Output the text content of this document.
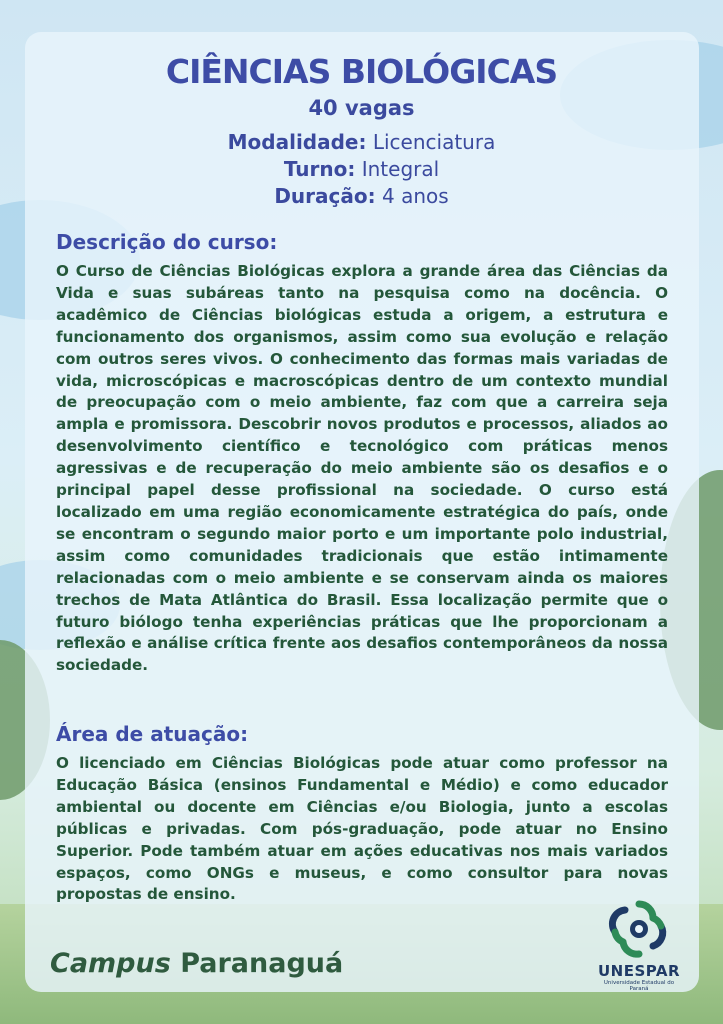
CIÊNCIAS BIOLÓGICAS
40 vagas
Modalidade: Licenciatura
Turno: Integral
Duração: 4 anos
Descrição do curso:

O Curso de Ciências Biológicas explora a grande área das Ciências da Vida e suas subáreas tanto na pesquisa como na docência. O acadêmico de Ciências biológicas estuda a origem, a estrutura e funcionamento dos organismos, assim como sua evolução e relação com outros seres vivos. O conhecimento das formas mais variadas de vida, microscópicas e macroscópicas dentro de um contexto mundial de preocupação com o meio ambiente, faz com que a carreira seja ampla e promissora. Descobrir novos produtos e processos, aliados ao desenvolvimento científico e tecnológico com práticas menos agressivas e de recuperação do meio ambiente são os desafios e o principal papel desse profissional na sociedade. O curso está localizado em uma região economicamente estratégica do país, onde se encontram o segundo maior porto e um importante polo industrial, assim como comunidades tradicionais que estão intimamente relacionadas com o meio ambiente e se conservam ainda os maiores trechos de Mata Atlântica do Brasil. Essa localização permite que o futuro biólogo tenha experiências práticas que lhe proporcionam a reflexão e análise crítica frente aos desafios contemporâneos da nossa sociedade.

Área de atuação:

O licenciado em Ciências Biológicas pode atuar como professor na Educação Básica (ensinos Fundamental e Médio) e como educador ambiental ou docente em Ciências e/ou Biologia, junto a escolas públicas e privadas. Com pós-graduação, pode atuar no Ensino Superior. Pode também atuar em ações educativas nos mais variados espaços, como ONGs e museus, e como consultor para novas propostas de ensino.

Campus Paranaguá	UNESPAR
Universidade Estadual do Paraná
